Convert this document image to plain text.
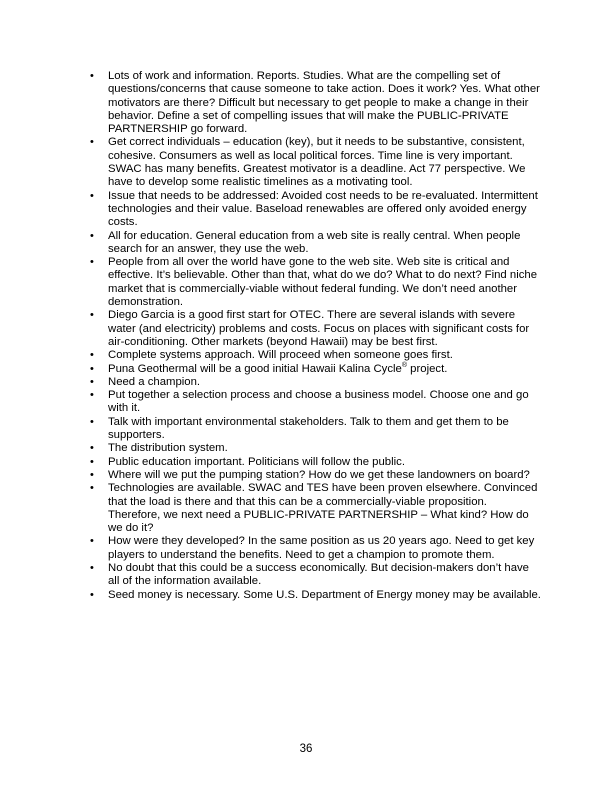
•	Lots of work and information. Reports. Studies. What are the compelling set of questions/concerns that cause someone to take action. Does it work? Yes. What other motivators are there? Difficult but necessary to get people to make a change in their behavior. Define a set of compelling issues that will make the PUBLIC-PRIVATE PARTNERSHIP go forward.
•	Get correct individuals – education (key), but it needs to be substantive, consistent, cohesive. Consumers as well as local political forces. Time line is very important. SWAC has many benefits. Greatest motivator is a deadline. Act 77 perspective. We have to develop some realistic timelines as a motivating tool.
•	Issue that needs to be addressed: Avoided cost needs to be re-evaluated. Intermittent technologies and their value. Baseload renewables are offered only avoided energy costs.
•	All for education. General education from a web site is really central. When people search for an answer, they use the web.
•	People from all over the world have gone to the web site. Web site is critical and effective. It’s believable. Other than that, what do we do? What to do next? Find niche market that is commercially-viable without federal funding. We don’t need another demonstration.
•	Diego Garcia is a good first start for OTEC. There are several islands with severe water (and electricity) problems and costs. Focus on places with significant costs for air-conditioning. Other markets (beyond Hawaii) may be best first.
•	Complete systems approach. Will proceed when someone goes first.
•	Puna Geothermal will be a good initial Hawaii Kalina Cycle® project.
•	Need a champion.
•	Put together a selection process and choose a business model. Choose one and go with it.
•	Talk with important environmental stakeholders. Talk to them and get them to be supporters.
•	The distribution system.
•	Public education important. Politicians will follow the public.
•	Where will we put the pumping station? How do we get these landowners on board?
•	Technologies are available. SWAC and TES have been proven elsewhere. Convinced that the load is there and that this can be a commercially-viable proposition. Therefore, we next need a PUBLIC-PRIVATE PARTNERSHIP – What kind? How do we do it?
•	How were they developed? In the same position as us 20 years ago. Need to get key players to understand the benefits. Need to get a champion to promote them.
•	No doubt that this could be a success economically. But decision-makers don’t have all of the information available.
•	Seed money is necessary. Some U.S. Department of Energy money may be available.
36
